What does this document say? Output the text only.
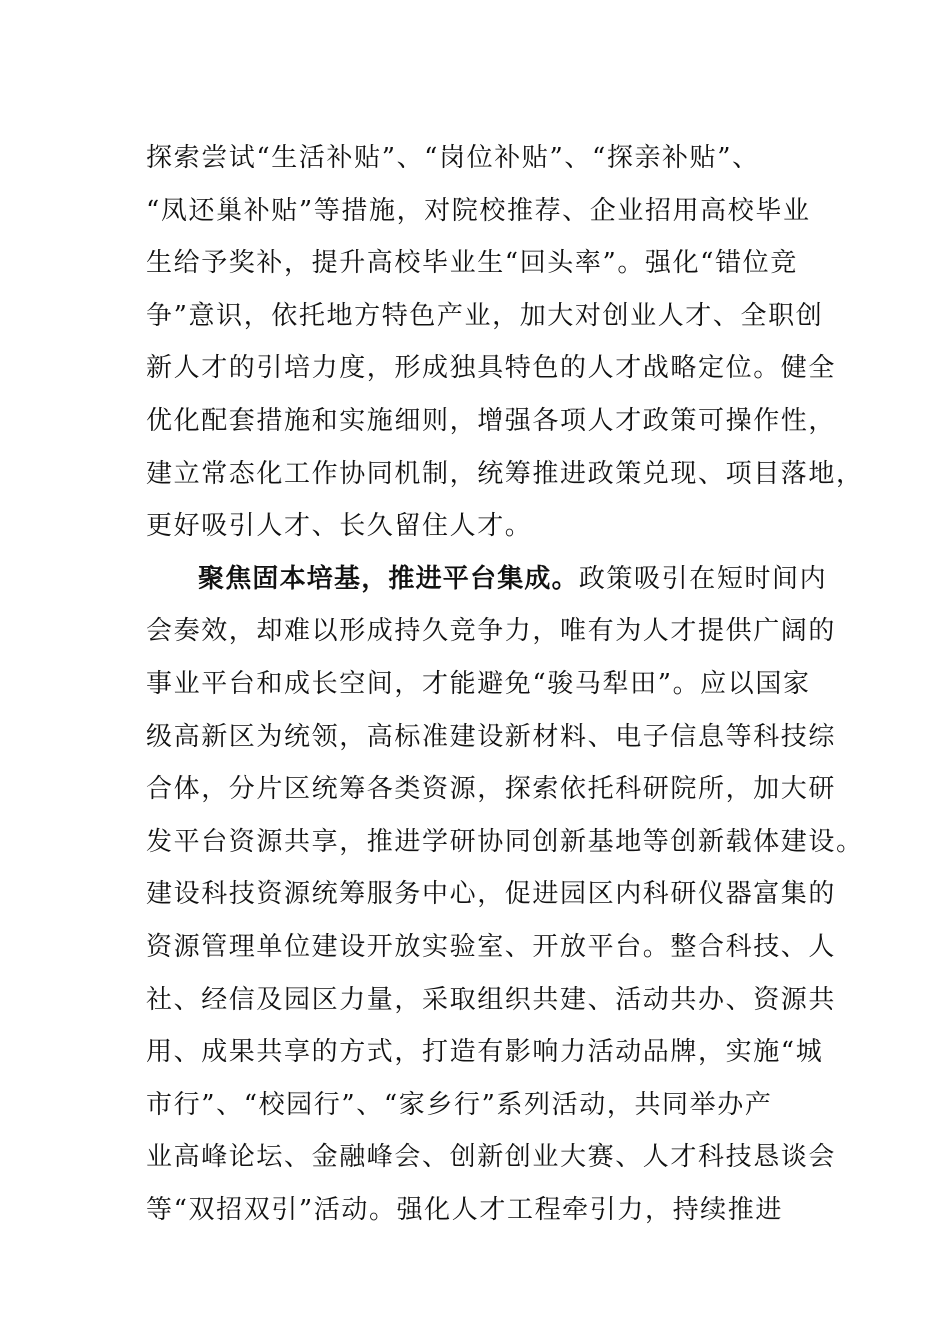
探索尝试“生活补贴”、“岗位补贴”、“探亲补贴”、
“凤还巢补贴”等措施，对院校推荐、企业招用高校毕业
生给予奖补，提升高校毕业生“回头率”。强化“错位竞
争”意识，依托地方特色产业，加大对创业人才、全职创
新人才的引培力度，形成独具特色的人才战略定位。健全
优化配套措施和实施细则，增强各项人才政策可操作性，
建立常态化工作协同机制，统筹推进政策兑现、项目落地，
更好吸引人才、长久留住人才。
聚焦固本培基，推进平台集成。政策吸引在短时间内
会奏效，却难以形成持久竞争力，唯有为人才提供广阔的
事业平台和成长空间，才能避免“骏马犁田”。应以国家
级高新区为统领，高标准建设新材料、电子信息等科技综
合体，分片区统筹各类资源，探索依托科研院所，加大研
发平台资源共享，推进学研协同创新基地等创新载体建设。
建设科技资源统筹服务中心，促进园区内科研仪器富集的
资源管理单位建设开放实验室、开放平台。整合科技、人
社、经信及园区力量，采取组织共建、活动共办、资源共
用、成果共享的方式，打造有影响力活动品牌，实施“城
市行”、“校园行”、“家乡行”系列活动，共同举办产
业高峰论坛、金融峰会、创新创业大赛、人才科技恳谈会
等“双招双引”活动。强化人才工程牵引力，持续推进
